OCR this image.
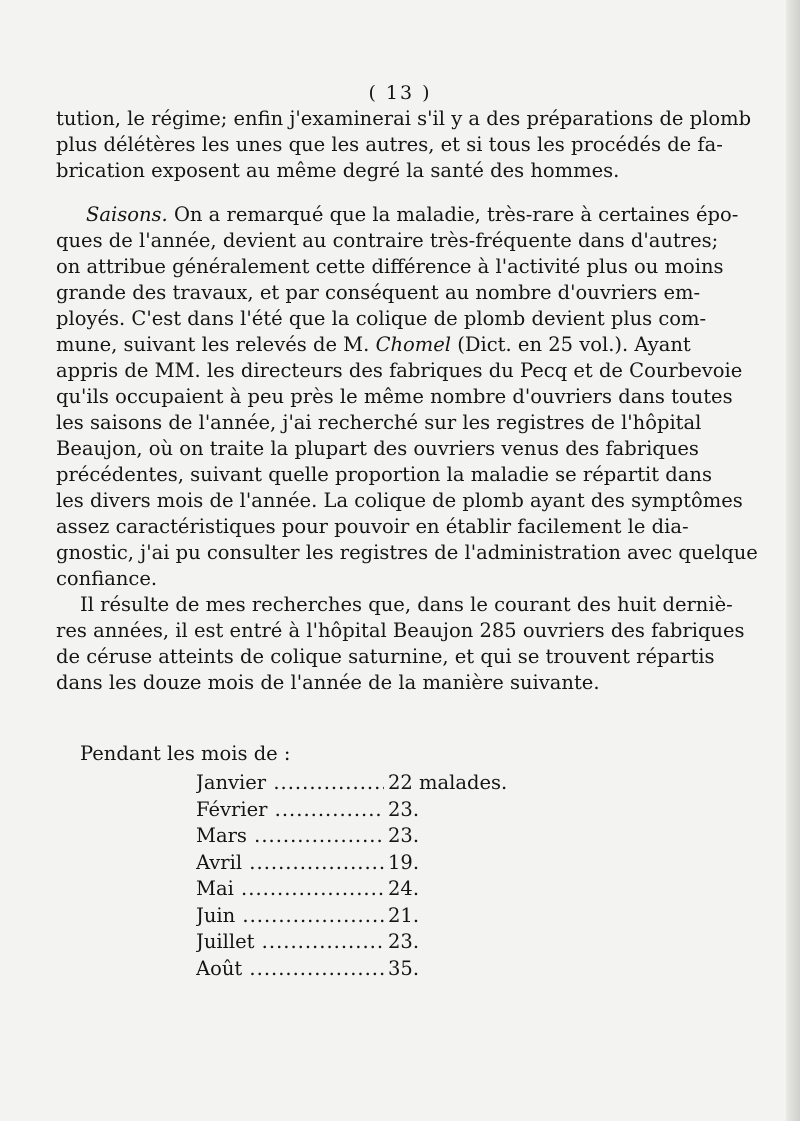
( 13 )
tution, le régime; enfin j'examinerai s'il y a des préparations de plomb
plus délétères les unes que les autres, et si tous les procédés de fa-
brication exposent au même degré la santé des hommes.
Saisons. On a remarqué que la maladie, très-rare à certaines épo-
ques de l'année, devient au contraire très-fréquente dans d'autres;
on attribue généralement cette différence à l'activité plus ou moins
grande des travaux, et par conséquent au nombre d'ouvriers em-
ployés. C'est dans l'été que la colique de plomb devient plus com-
mune, suivant les relevés de M. Chomel (Dict. en 25 vol.). Ayant
appris de MM. les directeurs des fabriques du Pecq et de Courbevoie
qu'ils occupaient à peu près le même nombre d'ouvriers dans toutes
les saisons de l'année, j'ai recherché sur les registres de l'hôpital
Beaujon, où on traite la plupart des ouvriers venus des fabriques
précédentes, suivant quelle proportion la maladie se répartit dans
les divers mois de l'année. La colique de plomb ayant des symptômes
assez caractéristiques pour pouvoir en établir facilement le dia-
gnostic, j'ai pu consulter les registres de l'administration avec quelque
confiance.
Il résulte de mes recherches que, dans le courant des huit derniè-
res années, il est entré à l'hôpital Beaujon 285 ouvriers des fabriques
de céruse atteints de colique saturnine, et qui se trouvent répartis
dans les douze mois de l'année de la manière suivante.
Pendant les mois de :
Janvier .....	22 malades.
Février .....	23.
Mars .....	23.
Avril .....	19.
Mai .....	24.
Juin .....	21.
Juillet .....	23.
Août .....	35.
